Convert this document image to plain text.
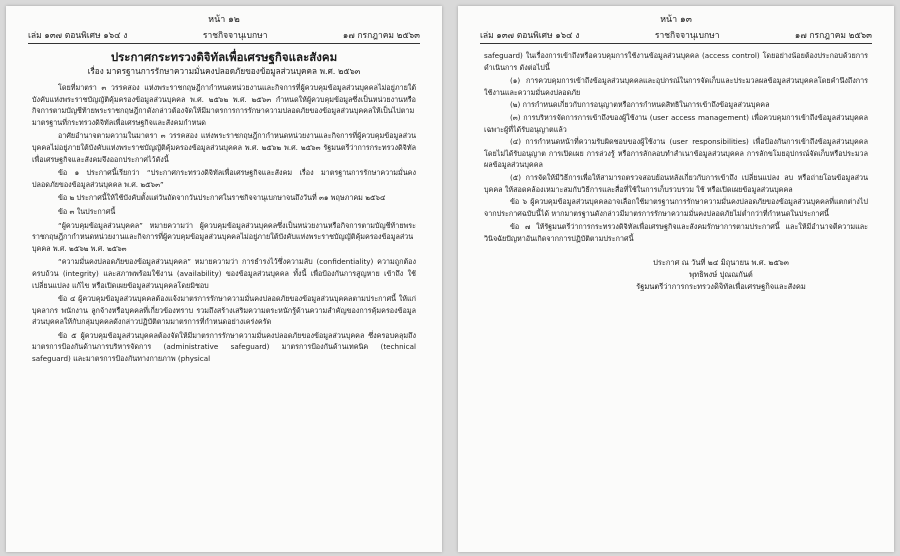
หน้า ๑๒
เล่ม ๑๓๗ ตอนพิเศษ ๑๖๔ ง	ราชกิจจานุเบกษา	๑๗ กรกฎาคม ๒๕๖๓
ประกาศกระทรวงดิจิทัลเพื่อเศรษฐกิจและสังคม
เรื่อง มาตรฐานการรักษาความมั่นคงปลอดภัยของข้อมูลส่วนบุคคล พ.ศ. ๒๕๖๓

โดยที่มาตรา ๓ วรรคสอง แห่งพระราชกฤษฎีกากำหนดหน่วยงานและกิจการที่ผู้ควบคุมข้อมูลส่วนบุคคลไม่อยู่ภายใต้บังคับแห่งพระราชบัญญัติคุ้มครองข้อมูลส่วนบุคคล พ.ศ. ๒๕๖๒ พ.ศ. ๒๕๖๓ กำหนดให้ผู้ควบคุมข้อมูลซึ่งเป็นหน่วยงานหรือกิจการตามบัญชีท้ายพระราชกฤษฎีกาดังกล่าวต้องจัดให้มีมาตรการการรักษาความปลอดภัยของข้อมูลส่วนบุคคลให้เป็นไปตามมาตรฐานที่กระทรวงดิจิทัลเพื่อเศรษฐกิจและสังคมกำหนด

อาศัยอำนาจตามความในมาตรา ๓ วรรคสอง แห่งพระราชกฤษฎีกากำหนดหน่วยงานและกิจการที่ผู้ควบคุมข้อมูลส่วนบุคคลไม่อยู่ภายใต้บังคับแห่งพระราชบัญญัติคุ้มครองข้อมูลส่วนบุคคล พ.ศ. ๒๕๖๒ พ.ศ. ๒๕๖๓ รัฐมนตรีว่าการกระทรวงดิจิทัลเพื่อเศรษฐกิจและสังคมจึงออกประกาศไว้ดังนี้

ข้อ ๑ ประกาศนี้เรียกว่า “ประกาศกระทรวงดิจิทัลเพื่อเศรษฐกิจและสังคม เรื่อง มาตรฐานการรักษาความมั่นคงปลอดภัยของข้อมูลส่วนบุคคล พ.ศ. ๒๕๖๓”

ข้อ ๒ ประกาศนี้ให้ใช้บังคับตั้งแต่วันถัดจากวันประกาศในราชกิจจานุเบกษาจนถึงวันที่ ๓๑ พฤษภาคม ๒๕๖๔

ข้อ ๓ ในประกาศนี้

“ผู้ควบคุมข้อมูลส่วนบุคคล” หมายความว่า ผู้ควบคุมข้อมูลส่วนบุคคลซึ่งเป็นหน่วยงานหรือกิจการตามบัญชีท้ายพระราชกฤษฎีกากำหนดหน่วยงานและกิจการที่ผู้ควบคุมข้อมูลส่วนบุคคลไม่อยู่ภายใต้บังคับแห่งพระราชบัญญัติคุ้มครองข้อมูลส่วนบุคคล พ.ศ. ๒๕๖๒ พ.ศ. ๒๕๖๓

“ความมั่นคงปลอดภัยของข้อมูลส่วนบุคคล” หมายความว่า การธำรงไว้ซึ่งความลับ (confidentiality) ความถูกต้องครบถ้วน (integrity) และสภาพพร้อมใช้งาน (availability) ของข้อมูลส่วนบุคคล ทั้งนี้ เพื่อป้องกันการสูญหาย เข้าถึง ใช้ เปลี่ยนแปลง แก้ไข หรือเปิดเผยข้อมูลส่วนบุคคลโดยมิชอบ

ข้อ ๔ ผู้ควบคุมข้อมูลส่วนบุคคลต้องแจ้งมาตรการรักษาความมั่นคงปลอดภัยของข้อมูลส่วนบุคคลตามประกาศนี้ ให้แก่บุคลากร พนักงาน ลูกจ้างหรือบุคคลที่เกี่ยวข้องทราบ รวมถึงสร้างเสริมความตระหนักรู้ด้านความสำคัญของการคุ้มครองข้อมูลส่วนบุคคลให้กับกลุ่มบุคคลดังกล่าวปฏิบัติตามมาตรการที่กำหนดอย่างเคร่งครัด

ข้อ ๕ ผู้ควบคุมข้อมูลส่วนบุคคลต้องจัดให้มีมาตรการรักษาความมั่นคงปลอดภัยของข้อมูลส่วนบุคคล ซึ่งครอบคลุมถึงมาตรการป้องกันด้านการบริหารจัดการ (administrative safeguard) มาตรการป้องกันด้านเทคนิค (technical safeguard) และมาตรการป้องกันทางกายภาพ (physical

หน้า ๑๓
เล่ม ๑๓๗ ตอนพิเศษ ๑๖๔ ง	ราชกิจจานุเบกษา	๑๗ กรกฎาคม ๒๕๖๓

safeguard) ในเรื่องการเข้าถึงหรือควบคุมการใช้งานข้อมูลส่วนบุคคล (access control) โดยอย่างน้อยต้องประกอบด้วยการดำเนินการ ดังต่อไปนี้

(๑) การควบคุมการเข้าถึงข้อมูลส่วนบุคคลและอุปกรณ์ในการจัดเก็บและประมวลผลข้อมูลส่วนบุคคลโดยคำนึงถึงการใช้งานและความมั่นคงปลอดภัย

(๒) การกำหนดเกี่ยวกับการอนุญาตหรือการกำหนดสิทธิในการเข้าถึงข้อมูลส่วนบุคคล

(๓) การบริหารจัดการการเข้าถึงของผู้ใช้งาน (user access management) เพื่อควบคุมการเข้าถึงข้อมูลส่วนบุคคลเฉพาะผู้ที่ได้รับอนุญาตแล้ว

(๔) การกำหนดหน้าที่ความรับผิดชอบของผู้ใช้งาน (user responsibilities) เพื่อป้องกันการเข้าถึงข้อมูลส่วนบุคคลโดยไม่ได้รับอนุญาต การเปิดเผย การล่วงรู้ หรือการลักลอบทำสำเนาข้อมูลส่วนบุคคล การลักขโมยอุปกรณ์จัดเก็บหรือประมวลผลข้อมูลส่วนบุคคล

(๕) การจัดให้มีวิธีการเพื่อให้สามารถตรวจสอบย้อนหลังเกี่ยวกับการเข้าถึง เปลี่ยนแปลง ลบ หรือถ่ายโอนข้อมูลส่วนบุคคล ให้สอดคล้องเหมาะสมกับวิธีการและสื่อที่ใช้ในการเก็บรวบรวม ใช้ หรือเปิดเผยข้อมูลส่วนบุคคล

ข้อ ๖ ผู้ควบคุมข้อมูลส่วนบุคคลอาจเลือกใช้มาตรฐานการรักษาความมั่นคงปลอดภัยของข้อมูลส่วนบุคคลที่แตกต่างไปจากประกาศฉบับนี้ได้ หากมาตรฐานดังกล่าวมีมาตรการรักษาความมั่นคงปลอดภัยไม่ต่ำกว่าที่กำหนดในประกาศนี้

ข้อ ๗ ให้รัฐมนตรีว่าการกระทรวงดิจิทัลเพื่อเศรษฐกิจและสังคมรักษาการตามประกาศนี้ และให้มีอำนาจตีความและวินิจฉัยปัญหาอันเกิดจากการปฏิบัติตามประกาศนี้

ประกาศ ณ วันที่ ๒๔ มิถุนายน พ.ศ. ๒๕๖๓
พุทธิพงษ์ ปุณณกันต์
รัฐมนตรีว่าการกระทรวงดิจิทัลเพื่อเศรษฐกิจและสังคม
